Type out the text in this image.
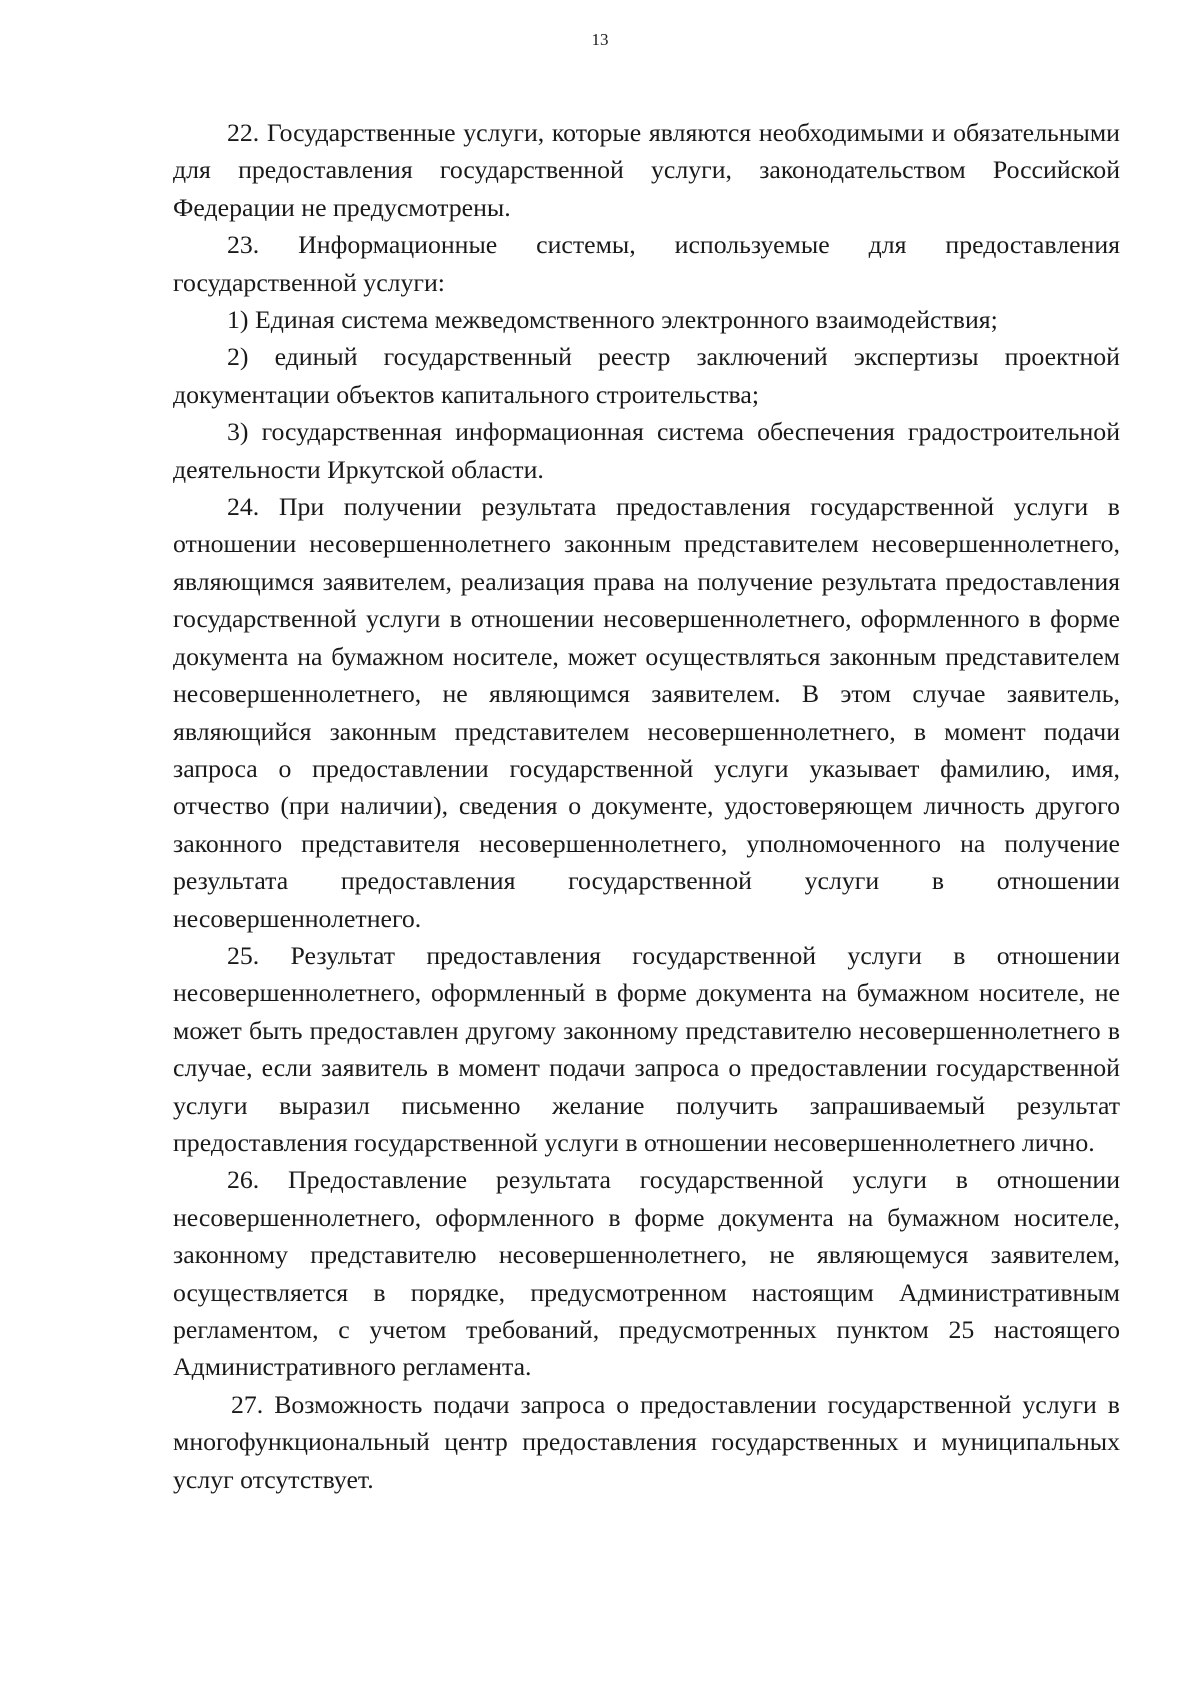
13

22. Государственные услуги, которые являются необходимыми и обязательными для предоставления государственной услуги, законодательством Российской Федерации не предусмотрены.

23. Информационные системы, используемые для предоставления государственной услуги:

1) Единая система межведомственного электронного взаимодействия;

2) единый государственный реестр заключений экспертизы проектной документации объектов капитального строительства;

3) государственная информационная система обеспечения градостроительной деятельности Иркутской области.

24. При получении результата предоставления государственной услуги в отношении несовершеннолетнего законным представителем несовершеннолетнего, являющимся заявителем, реализация права на получение результата предоставления государственной услуги в отношении несовершеннолетнего, оформленного в форме документа на бумажном носителе, может осуществляться законным представителем несовершеннолетнего, не являющимся заявителем. В этом случае заявитель, являющийся законным представителем несовершеннолетнего, в момент подачи запроса о предоставлении государственной услуги указывает фамилию, имя, отчество (при наличии), сведения о документе, удостоверяющем личность другого законного представителя несовершеннолетнего, уполномоченного на получение результата предоставления государственной услуги в отношении несовершеннолетнего.

25. Результат предоставления государственной услуги в отношении несовершеннолетнего, оформленный в форме документа на бумажном носителе, не может быть предоставлен другому законному представителю несовершеннолетнего в случае, если заявитель в момент подачи запроса о предоставлении государственной услуги выразил письменно желание получить запрашиваемый результат предоставления государственной услуги в отношении несовершеннолетнего лично.

26. Предоставление результата государственной услуги в отношении несовершеннолетнего, оформленного в форме документа на бумажном носителе, законному представителю несовершеннолетнего, не являющемуся заявителем, осуществляется в порядке, предусмотренном настоящим Административным регламентом, с учетом требований, предусмотренных пунктом 25 настоящего Административного регламента.

27. Возможность подачи запроса о предоставлении государственной услуги в многофункциональный центр предоставления государственных и муниципальных услуг отсутствует.
